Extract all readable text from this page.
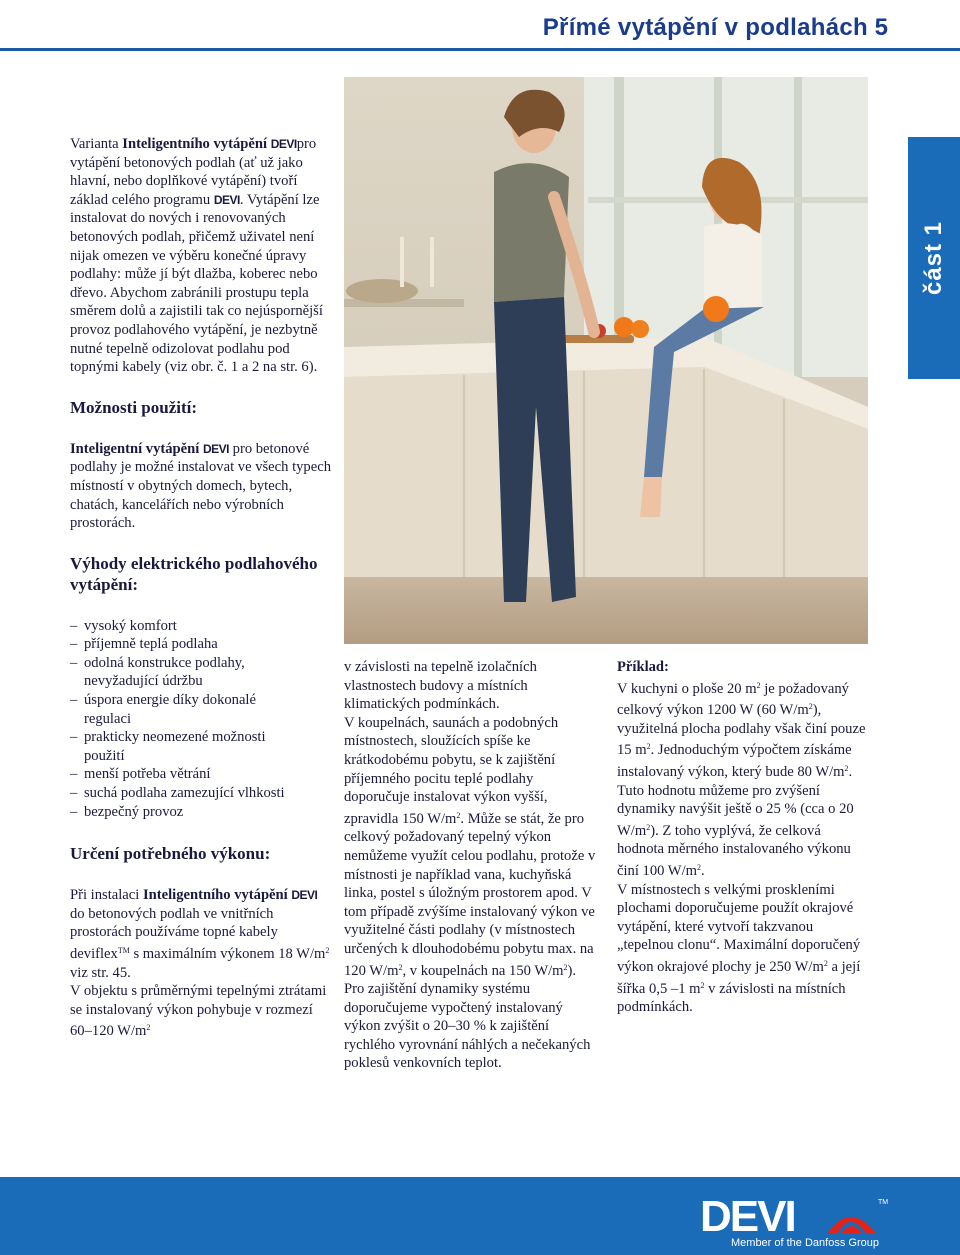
Přímé vytápění v podlahách 5
část 1

Varianta Inteligentního vytápění DEVIpro vytápění betonových podlah (ať už jako hlavní, nebo doplňkové vytápění) tvoří základ celého programu DEVI. Vytápění lze instalovat do nových i renovovaných betonových podlah, přičemž uživatel není nijak omezen ve výběru konečné úpravy podlahy: může jí být dlažba, koberec nebo dřevo. Abychom zabránili prostupu tepla směrem dolů a zajistili tak co nejúspornější provoz podlahového vytápění, je nezbytně nutné tepelně odizolovat podlahu pod topnými kabely (viz obr. č. 1 a 2 na str. 6).

Možnosti použití:

Inteligentní vytápění DEVI pro betonové podlahy je možné instalovat ve všech typech místností v obytných domech, bytech, chatách, kancelářích nebo výrobních prostorách.

Výhody elektrického podlahového vytápění:
– vysoký komfort
– příjemně teplá podlaha
– odolná konstrukce podlahy,
nevyžadující údržbu
– úspora energie díky dokonalé
regulaci
– prakticky neomezené možnosti
použití
– menší potřeba větrání
– suchá podlaha zamezující vlhkosti
– bezpečný provoz
Určení potřebného výkonu:

Při instalaci Inteligentního vytápění DEVI do betonových podlah ve vnitřních prostorách používáme topné kabely deviflex™ s maximálním výkonem 18 $W/m^2$ viz str. 45.
V objektu s průměrnými tepelnými ztrátami se instalovaný výkon pohybuje v rozmezí 60–120 $W/m^2$

v závislosti na tepelně izolačních vlastnostech budovy a místních klimatických podmínkách.

V koupelnách, saunách a podobných místnostech, sloužících spíše ke krátkodobému pobytu, se k zajištění příjemného pocitu teplé podlahy doporučuje instalovat výkon vyšší, zpravidla 150 $W/m^2$. Může se stát, že pro celkový požadovaný tepelný výkon nemůžeme využít celou podlahu, protože v místnosti je například vana, kuchyňská linka, postel s úložným prostorem apod. V tom případě zvýšíme instalovaný výkon ve využitelné části podlahy (v místnostech určených k dlouhodobému pobytu max. na 120 $W/m^2$, v koupelnách na 150 $W/m^2$).

Pro zajištění dynamiky systému doporučujeme vypočtený instalovaný výkon zvýšit o 20–30 % k zajištění rychlého vyrovnání náhlých a nečekaných poklesů venkovních teplot.

Příklad:

V kuchyni o ploše 20 $m^2$ je požadovaný celkový výkon 1200 W (60 $W/m^2$), využitelná plocha podlahy však činí pouze 15 $m^2$. Jednoduchým výpočtem získáme instalovaný výkon, který bude 80 $W/m^2$.

Tuto hodnotu můžeme pro zvýšení dynamiky navýšit ještě o 25 % (cca o 20 $W/m^2$). Z toho vyplývá, že celková hodnota měrného instalovaného výkonu činí 100 $W/m^2$.

V místnostech s velkými proskleními plochami doporučujeme použít okrajové vytápění, které vytvoří takzvanou „tepelnou clonu“. Maximální doporučený výkon okrajové plochy je 250 $W/m^2$ a její šířka 0,5 –1 $m^2$ v závislosti na místních podmínkách.

DEVI	TM
Member of the Danfoss Group
